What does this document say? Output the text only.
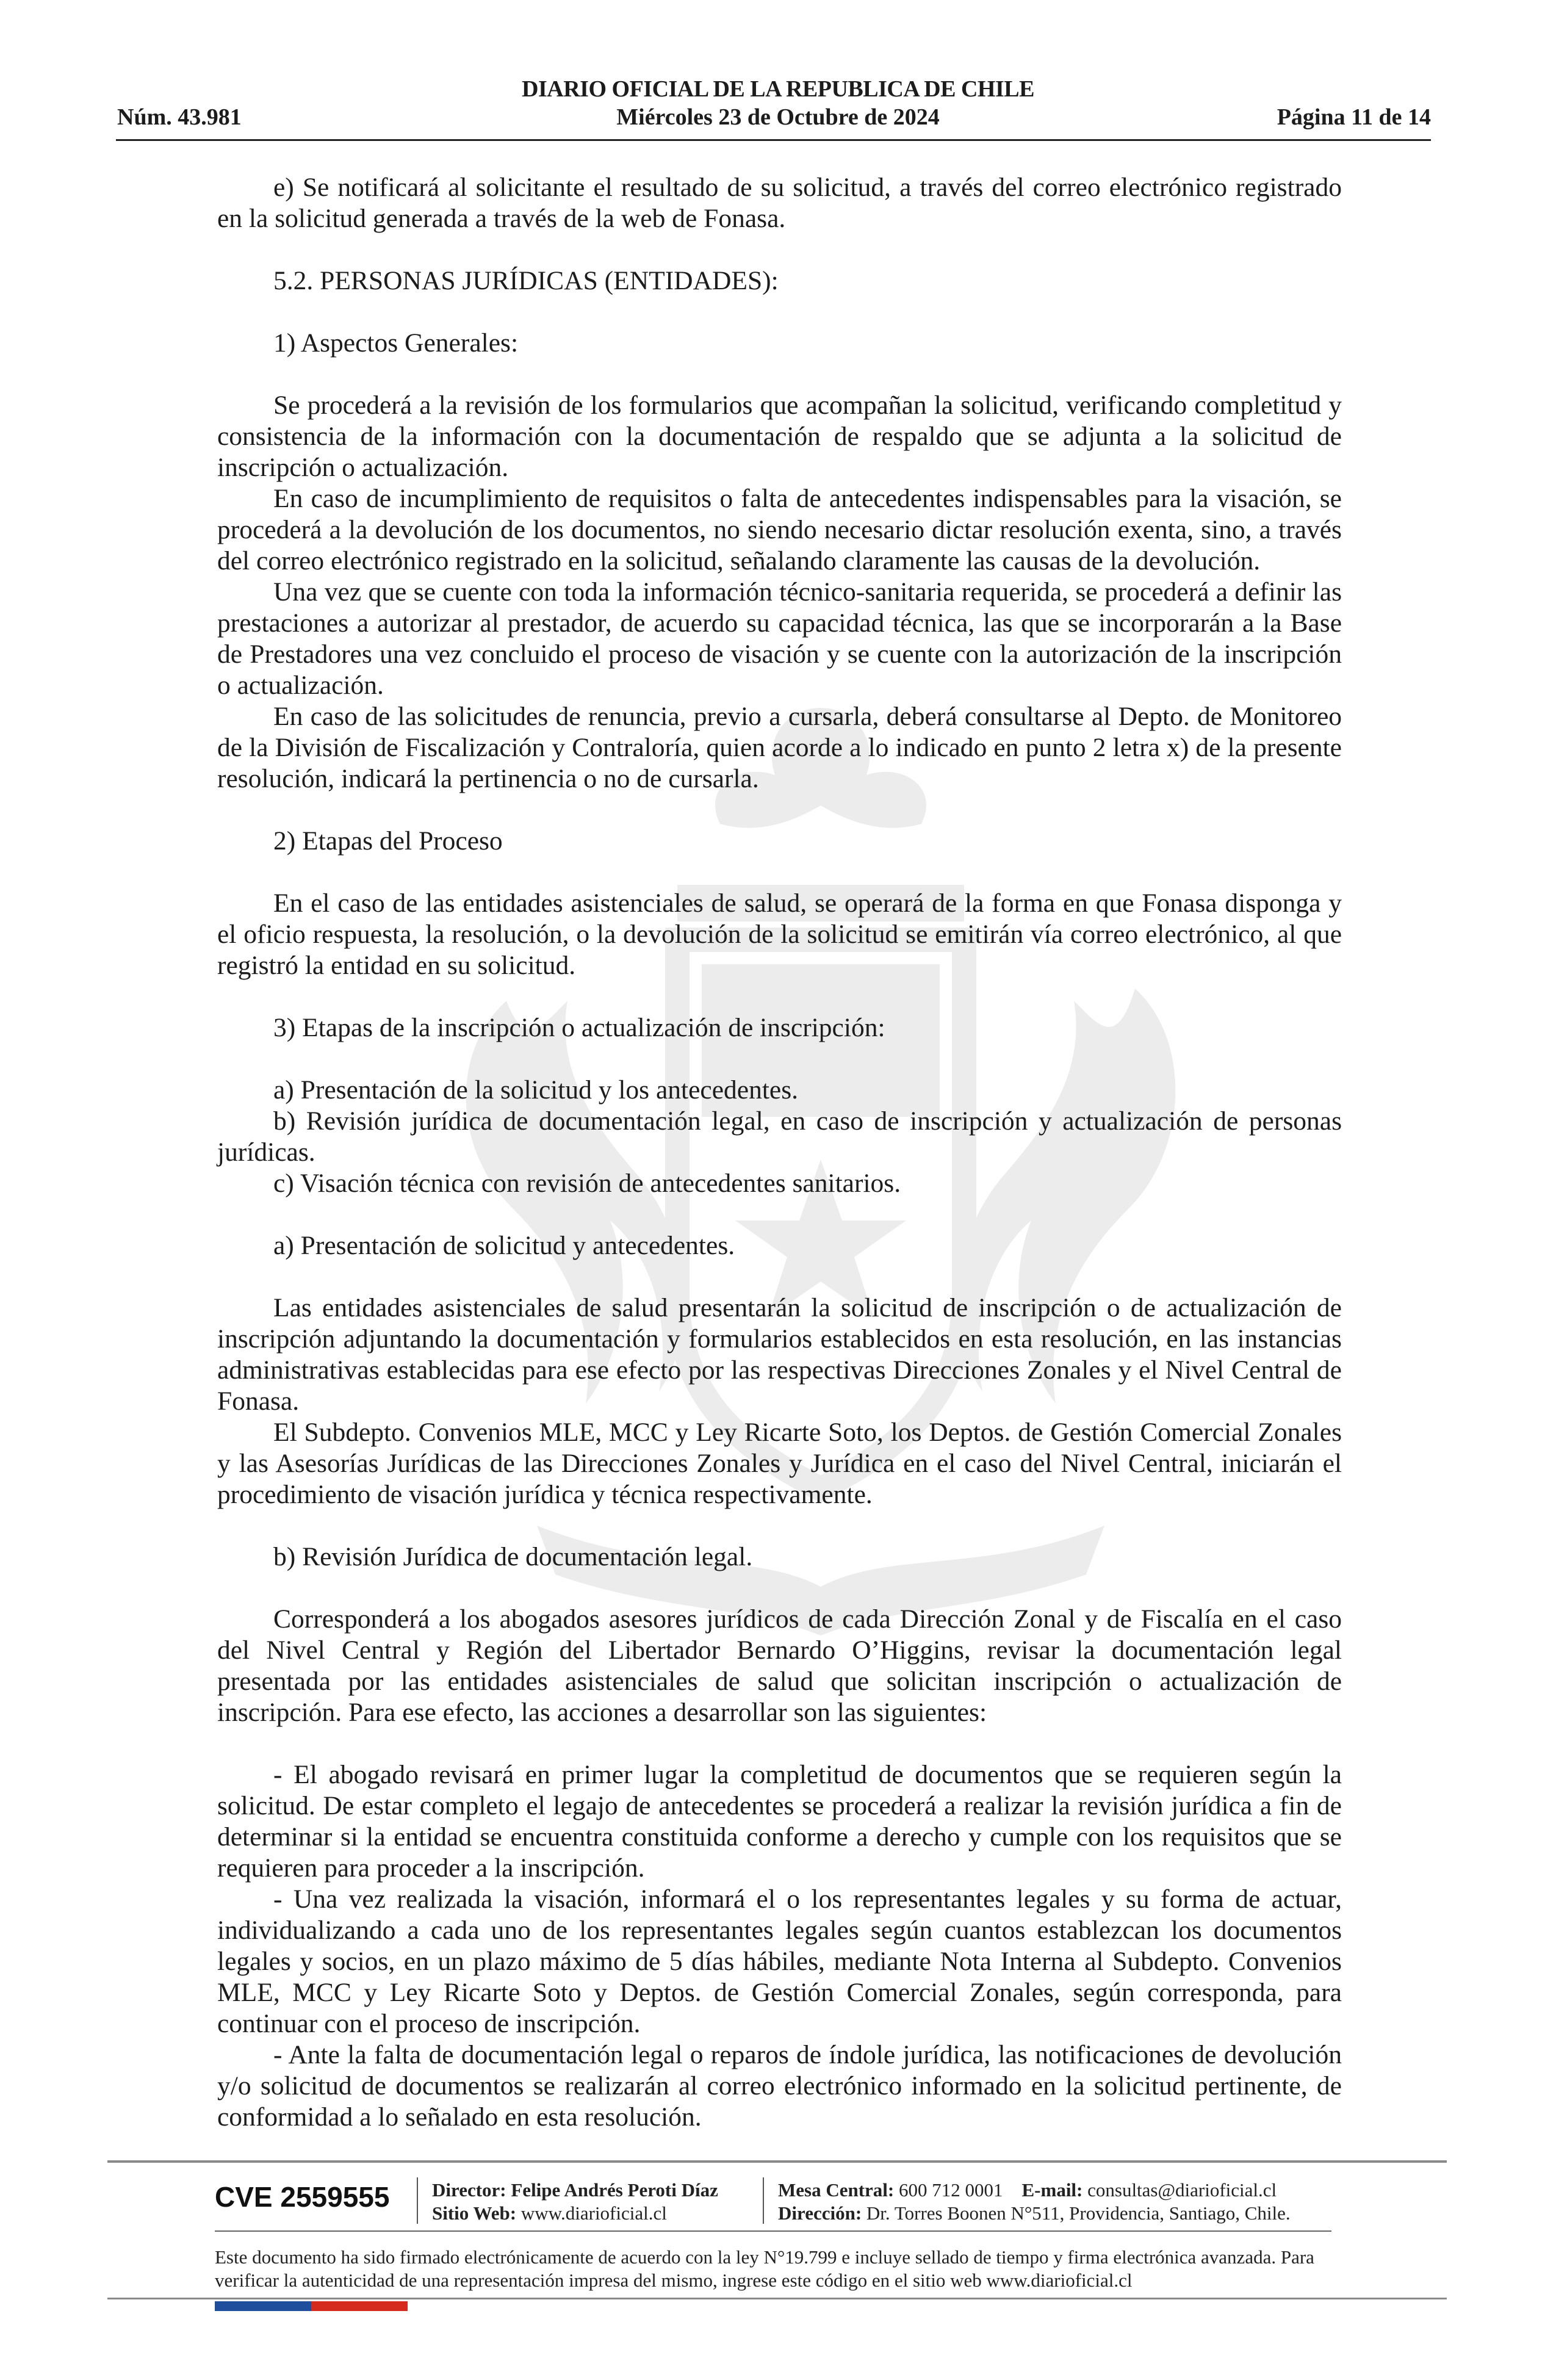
DIARIO OFICIAL DE LA REPUBLICA DE CHILE
Núm. 43.981	Miércoles 23 de Octubre de 2024	Página 11 de 14

e) Se notificará al solicitante el resultado de su solicitud, a través del correo electrónico registrado en la solicitud generada a través de la web de Fonasa.

5.2. PERSONAS JURÍDICAS (ENTIDADES):

1) Aspectos Generales:

Se procederá a la revisión de los formularios que acompañan la solicitud, verificando completitud y consistencia de la información con la documentación de respaldo que se adjunta a la solicitud de inscripción o actualización.

En caso de incumplimiento de requisitos o falta de antecedentes indispensables para la visación, se procederá a la devolución de los documentos, no siendo necesario dictar resolución exenta, sino, a través del correo electrónico registrado en la solicitud, señalando claramente las causas de la devolución.

Una vez que se cuente con toda la información técnico-sanitaria requerida, se procederá a definir las prestaciones a autorizar al prestador, de acuerdo su capacidad técnica, las que se incorporarán a la Base de Prestadores una vez concluido el proceso de visación y se cuente con la autorización de la inscripción o actualización.

En caso de las solicitudes de renuncia, previo a cursarla, deberá consultarse al Depto. de Monitoreo de la División de Fiscalización y Contraloría, quien acorde a lo indicado en punto 2 letra x) de la presente resolución, indicará la pertinencia o no de cursarla.

2) Etapas del Proceso

En el caso de las entidades asistenciales de salud, se operará de la forma en que Fonasa disponga y el oficio respuesta, la resolución, o la devolución de la solicitud se emitirán vía correo electrónico, al que registró la entidad en su solicitud.

3) Etapas de la inscripción o actualización de inscripción:

a) Presentación de la solicitud y los antecedentes.

b) Revisión jurídica de documentación legal, en caso de inscripción y actualización de personas jurídicas.

c) Visación técnica con revisión de antecedentes sanitarios.

a) Presentación de solicitud y antecedentes.

Las entidades asistenciales de salud presentarán la solicitud de inscripción o de actualización de inscripción adjuntando la documentación y formularios establecidos en esta resolución, en las instancias administrativas establecidas para ese efecto por las respectivas Direcciones Zonales y el Nivel Central de Fonasa.

El Subdepto. Convenios MLE, MCC y Ley Ricarte Soto, los Deptos. de Gestión Comercial Zonales y las Asesorías Jurídicas de las Direcciones Zonales y Jurídica en el caso del Nivel Central, iniciarán el procedimiento de visación jurídica y técnica respectivamente.

b) Revisión Jurídica de documentación legal.

Corresponderá a los abogados asesores jurídicos de cada Dirección Zonal y de Fiscalía en el caso del Nivel Central y Región del Libertador Bernardo O’Higgins, revisar la documentación legal presentada por las entidades asistenciales de salud que solicitan inscripción o actualización de inscripción. Para ese efecto, las acciones a desarrollar son las siguientes:

- El abogado revisará en primer lugar la completitud de documentos que se requieren según la solicitud. De estar completo el legajo de antecedentes se procederá a realizar la revisión jurídica a fin de determinar si la entidad se encuentra constituida conforme a derecho y cumple con los requisitos que se requieren para proceder a la inscripción.

- Una vez realizada la visación, informará el o los representantes legales y su forma de actuar, individualizando a cada uno de los representantes legales según cuantos establezcan los documentos legales y socios, en un plazo máximo de 5 días hábiles, mediante Nota Interna al Subdepto. Convenios MLE, MCC y Ley Ricarte Soto y Deptos. de Gestión Comercial Zonales, según corresponda, para continuar con el proceso de inscripción.

- Ante la falta de documentación legal o reparos de índole jurídica, las notificaciones de devolución y/o solicitud de documentos se realizarán al correo electrónico informado en la solicitud pertinente, de conformidad a lo señalado en esta resolución.

CVE 2559555 Director: Felipe Andrés Peroti Díaz
Sitio Web: www.diarioficial.cl
Mesa Central: 600 712 0001 E-mail: consultas@diarioficial.cl
Dirección: Dr. Torres Boonen N°511, Providencia, Santiago, Chile.
Este documento ha sido firmado electrónicamente de acuerdo con la ley N°19.799 e incluye sellado de tiempo y firma electrónica avanzada. Para verificar la autenticidad de una representación impresa del mismo, ingrese este código en el sitio web www.diarioficial.cl
